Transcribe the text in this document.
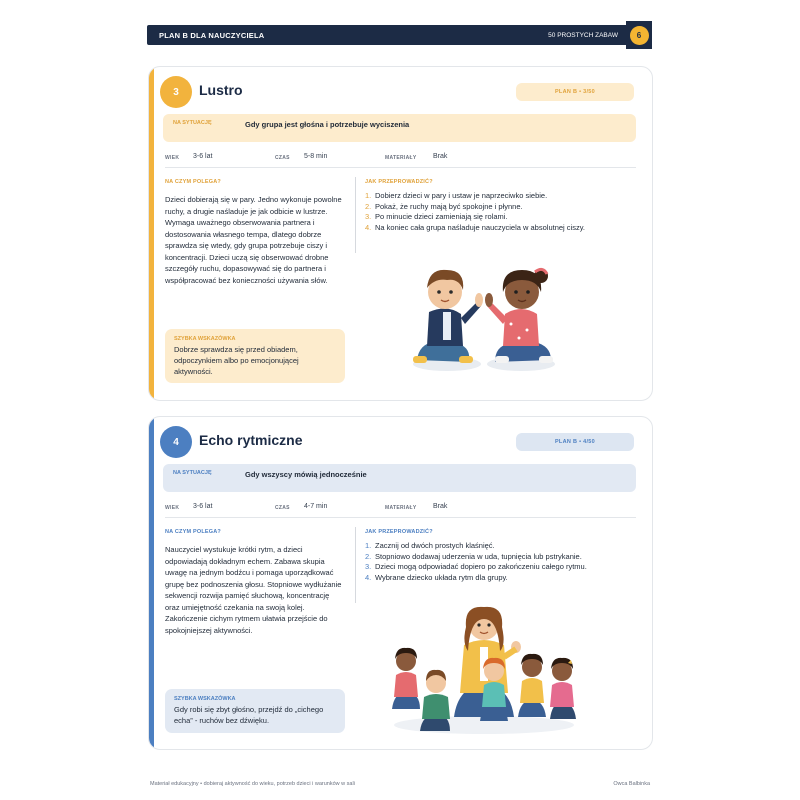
PLAN B DLA NAUCZYCIELA	50 PROSTYCH ZABAW	6
3	Lustro	PLAN B • 3/50
NA SYTUACJĘ	Gdy grupa jest głośna i potrzebuje wyciszenia
WIEK 3-6 lat	CZAS 5-8 min	MATERIAŁY Brak
NA CZYM POLEGA?
Dzieci dobierają się w pary. Jedno wykonuje powolne ruchy, a drugie naśladuje je jak odbicie w lustrze. Wymaga uważnego obserwowania partnera i dostosowania własnego tempa, dlatego dobrze sprawdza się wtedy, gdy grupa potrzebuje ciszy i koncentracji. Dzieci uczą się obserwować drobne szczegóły ruchu, dopasowywać się do partnera i współpracować bez konieczności używania słów.
JAK PRZEPROWADZIĆ?
1. Dobierz dzieci w pary i ustaw je naprzeciwko siebie.
2. Pokaż, że ruchy mają być spokojne i płynne.
3. Po minucie dzieci zamieniają się rolami.
4. Na koniec cała grupa naśladuje nauczyciela w absolutnej ciszy.
SZYBKA WSKAZÓWKA
Dobrze sprawdza się przed obiadem, odpoczynkiem albo po emocjonującej aktywności.
4	Echo rytmiczne	PLAN B • 4/50
NA SYTUACJĘ	Gdy wszyscy mówią jednocześnie
WIEK 3-6 lat	CZAS 4-7 min	MATERIAŁY Brak
NA CZYM POLEGA?
Nauczyciel wystukuje krótki rytm, a dzieci odpowiadają dokładnym echem. Zabawa skupia uwagę na jednym bodźcu i pomaga uporządkować grupę bez podnoszenia głosu. Stopniowe wydłużanie sekwencji rozwija pamięć słuchową, koncentrację oraz umiejętność czekania na swoją kolej. Zakończenie cichym rytmem ułatwia przejście do spokojniejszej aktywności.
JAK PRZEPROWADZIĆ?
1. Zacznij od dwóch prostych klaśnięć.
2. Stopniowo dodawaj uderzenia w uda, tupnięcia lub pstrykanie.
3. Dzieci mogą odpowiadać dopiero po zakończeniu całego rytmu.
4. Wybrane dziecko układa rytm dla grupy.
SZYBKA WSKAZÓWKA
Gdy robi się zbyt głośno, przejdź do „cichego echa” - ruchów bez dźwięku.
Materiał edukacyjny • dobieraj aktywność do wieku, potrzeb dzieci i warunków w sali	Owca Balbinka
